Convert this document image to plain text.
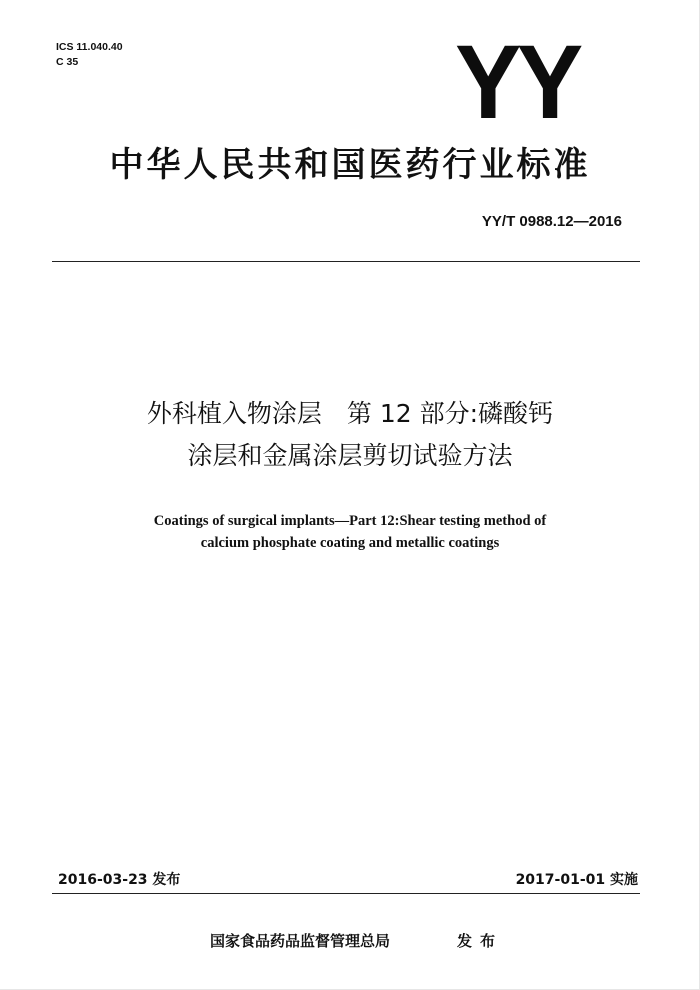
ICS 11.040.40
C 35	YY
中华人民共和国医药行业标准
YY/T 0988.12—2016
外科植入物涂层　第 12 部分:磷酸钙
涂层和金属涂层剪切试验方法
Coatings of surgical implants—Part 12:Shear testing method of
calcium phosphate coating and metallic coatings
2016-03-23 发布	2017-01-01 实施
国家食品药品监督管理总局	发布
